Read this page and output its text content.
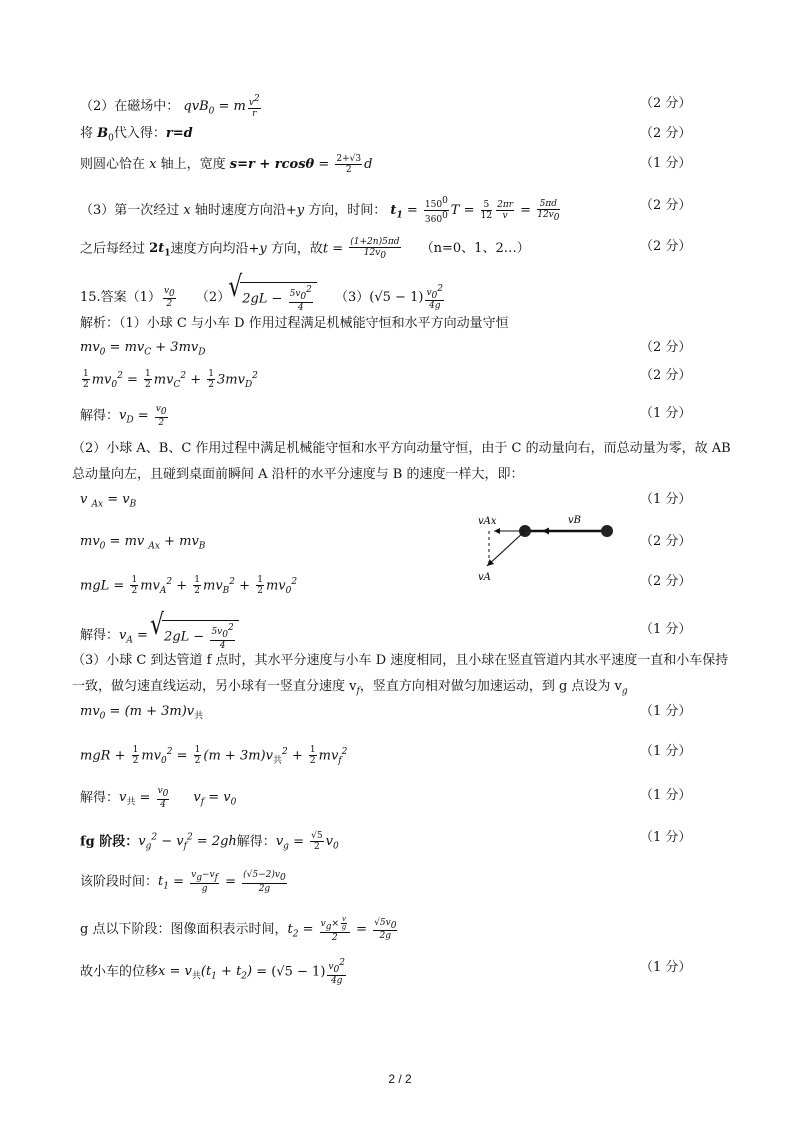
（2）在磁场中： qvB$_0$ = m $\frac{v^2}{r}$	（2 分）
将 $B_0$代入得：r=d	（2 分）
则圆心恰在 x 轴上，宽度 $s=r + rcos\theta = \frac{2+√3}{2}$ d	（1 分）
（3）第一次经过 x 轴时速度方向沿+y 方向，时间： $t_1 = \frac{150^0}{360^0}$ $T = \frac{5}{12} \frac{2\pi r}{v} = \frac{5\pi d}{12v_0}$	（2 分）
之后每经过 $2t_1$速度方向均沿+y 方向，故$t = \frac{(1+2n)5\pi d}{12v_0} (n=0$、1、2…）	（2 分）
15.答案$(1) \frac{v_0}{2} (2)√$ $2gL - \frac{5v_0^2}{4} (3)(√5 - 1) \frac{v_0^2}{4g}$
解析：（1）小球 C 与小车 D 作用过程满足机械能守恒和水平方向动量守恒
$mv_0 = mv_C + 3mv_D$	（2 分）
$\frac{1}{2} mv_0^2 = \frac{1}{2} mv_C^2 + \frac{1}{2} 3mv_D^2$	（2 分）
解得：$v_D = \frac{v_0}{2}$	（1 分）
（2）小球 A、B、C 作用过程中满足机械能守恒和水平方向动量守恒，由于 C 的动量向右，而总动量为零，故 AB 总动量向左，且碰到桌面前瞬间 A 沿杆的水平分速度与 B 的速度一样大，即：
v $_{Ax} = v_B$	（1 分）
$mv_0$ = mv $_{Ax} + mv_B$	（2 分）
mgL = $\frac{1}{2} mv_A^2 + \frac{1}{2} mv_B^2 + \frac{1}{2} mv_0^2$	（2 分）
vAx	vB
vA
解得：$v_A$ = √ $2gL - \frac{5v_0^2}{4}$	（1 分）
（3）小球 C 到达管道 f 点时，其水平分速度与小车 D 速度相同，且小球在竖直管道内其水平速度一直和小车保持一致，做匀速直线运动，另小球有一竖直分速度 $v_f$，竖直方向相对做匀加速运动，到 g 点设为 $v_g$
$mv_0 = (m + 3m)v_共$	（1 分）
mgR + $\frac{1}{2} mv_0^2 = \frac{1}{2} (m + 3m)v_共^2 + \frac{1}{2} mv_f^2$	（1 分）
解得：$v_共 = \frac{v_0}{4} v_f = v_0$	（1 分）
fg 阶段：$v_g^2 - v_f^2 = 2gh$解得：$v_g = \frac{√5}{2} v_0$
（1 分）
该阶段时间：$t_1 = \frac{v_g-v_f}{g} = \frac{(√5-2)v_0}{2g}$
g 点以下阶段：图像面积表示时间，$t_2 = \frac{v_g\times \frac{v}{g}}{2} = \frac{√5v_0}{2g}$
故小车的位移$x = v_共(t_1 + t_2) = (√5 - 1) \frac{v_0^2}{4g}$	（1 分）
2 / 2
